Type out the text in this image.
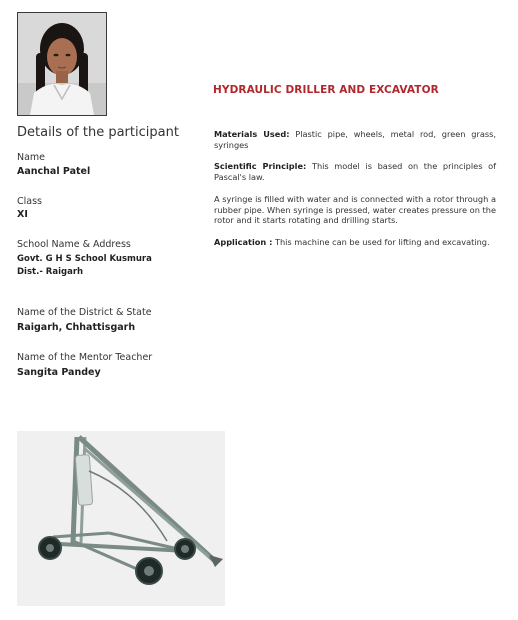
Details of the participant
Name
Aanchal Patel
Class
XI
School Name & Address
Govt. G H S School Kusmura
Dist.- Raigarh
Name of the District & State
Raigarh, Chhattisgarh
Name of the Mentor Teacher
Sangita Pandey
HYDRAULIC DRILLER AND EXCAVATOR
Materials Used: Plastic pipe, wheels, metal rod, green grass, syringes
Scientific Principle: This model is based on the principles of Pascal's law.
A syringe is filled with water and is connected with a rotor through a rubber pipe. When syringe is pressed, water creates pressure on the rotor and it starts rotating and drilling starts.
Application : This machine can be used for lifting and excavating.
